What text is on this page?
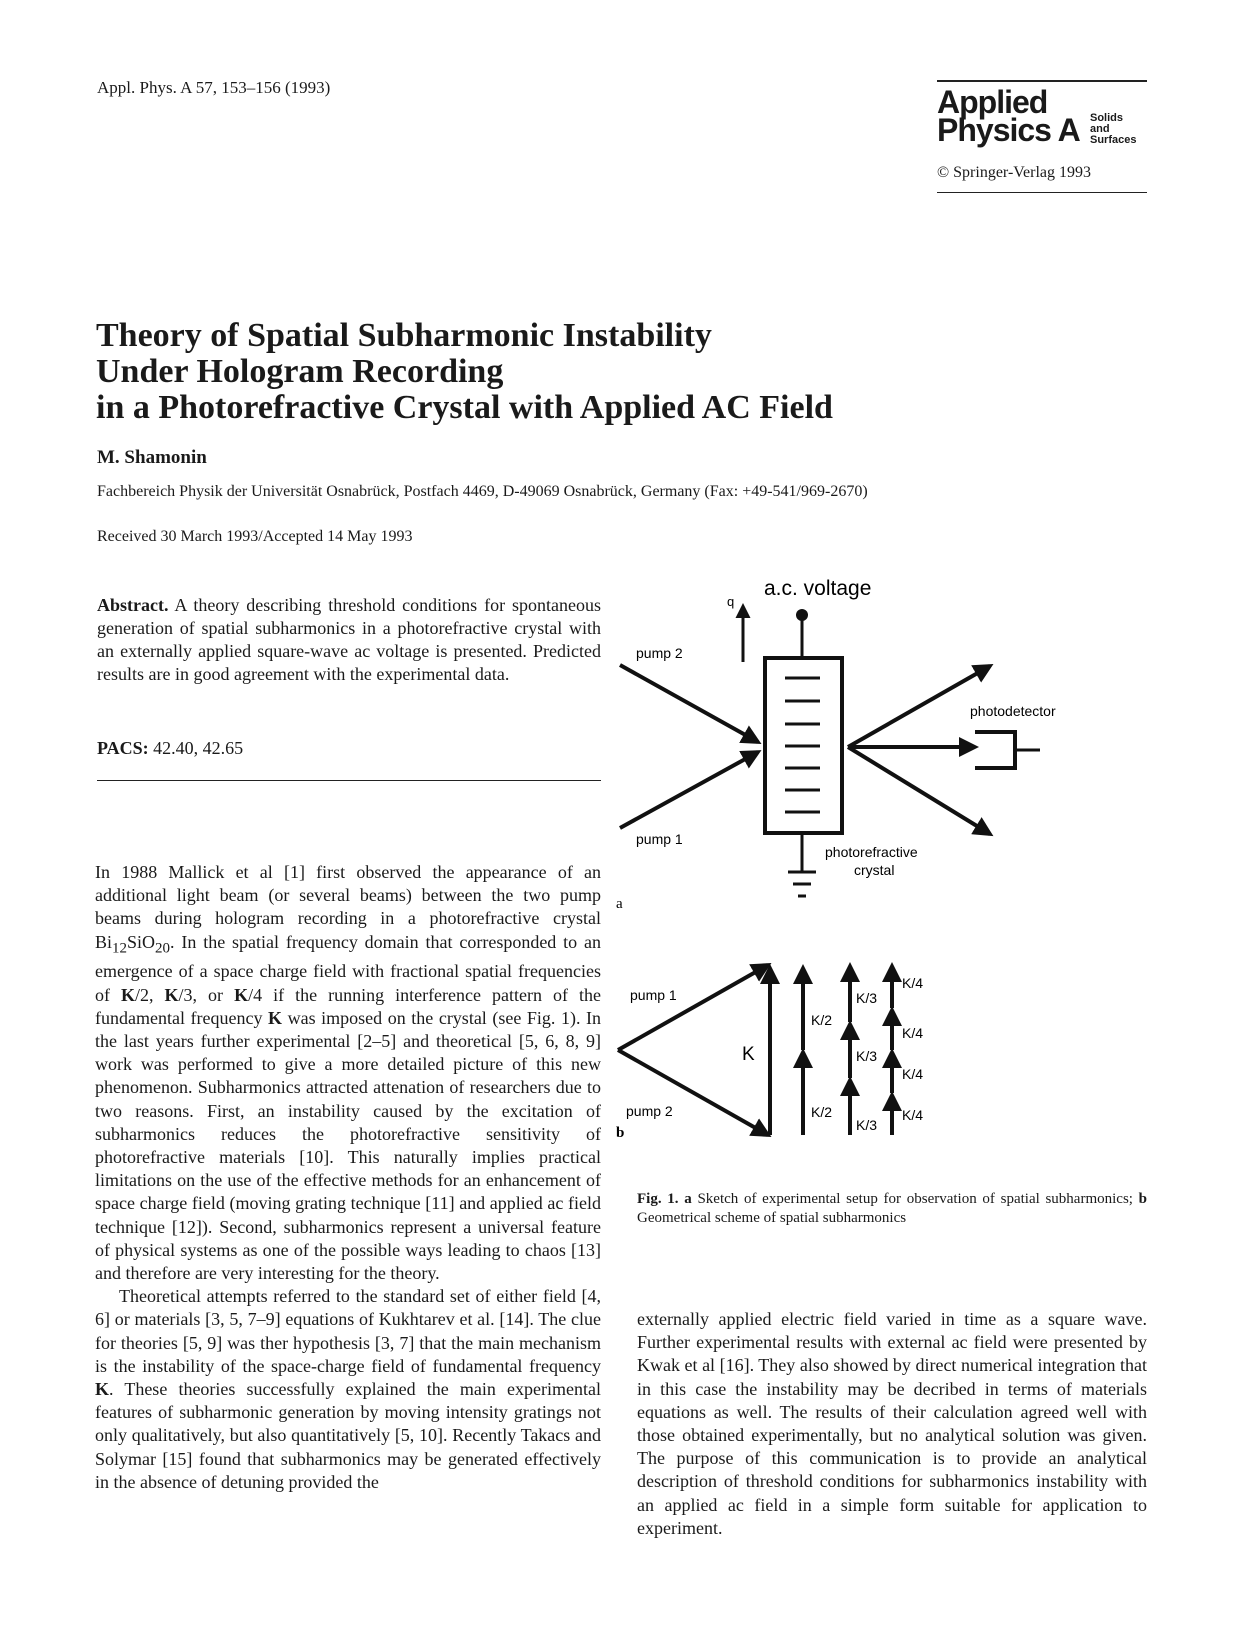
Appl. Phys. A 57, 153–156 (1993)	Applied
Physics A Solids
and
Surfaces
© Springer-Verlag 1993
Theory of Spatial Subharmonic Instability
Under Hologram Recording
in a Photorefractive Crystal with Applied AC Field
M. Shamonin
Fachbereich Physik der Universität Osnabrück, Postfach 4469, D-49069 Osnabrück, Germany (Fax: +49-541/969-2670)
Received 30 March 1993/Accepted 14 May 1993
Abstract. A theory describing threshold conditions for spontaneous generation of spatial subharmonics in a photorefractive crystal with an externally applied square-wave ac voltage is presented. Predicted results are in good agreement with the experimental data.
PACS: 42.40, 42.65

In 1988 Mallick et al [1] first observed the appearance of an additional light beam (or several beams) between the two pump beams during hologram recording in a photorefractive crystal $Bi_{12}SiO_{20}$. In the spatial frequency domain that corresponded to an emergence of a space charge field with fractional spatial frequencies of K/2, K/3, or K/4 if the running interference pattern of the fundamental frequency K was imposed on the crystal (see Fig. 1). In the last years further experimental [2–5] and theoretical [5, 6, 8, 9] work was performed to give a more detailed picture of this new phenomenon. Subharmonics attracted attenation of researchers due to two reasons. First, an instability caused by the excitation of subharmonics reduces the photorefractive sensitivity of photorefractive materials [10]. This naturally implies practical limitations on the use of the effective methods for an enhancement of space charge field (moving grating technique [11] and applied ac field technique [12]). Second, subharmonics represent a universal feature of physical systems as one of the possible ways leading to chaos [13] and therefore are very interesting for the theory.

Theoretical attempts referred to the standard set of either field [4, 6] or materials [3, 5, 7–9] equations of Kukhtarev et al. [14]. The clue for theories [5, 9] was ther hypothesis [3, 7] that the main mechanism is the instability of the space-charge field of fundamental frequency K. These theories successfully explained the main experimental features of subharmonic generation by moving intensity gratings not only qualitatively, but also quantitatively [5, 10]. Recently Takacs and Solymar [15] found that subharmonics may be generated effectively in the absence of detuning provided the

q
a.c. voltage
pump 2
pump 1
photodetector
photorefractive
crystal
a
pump 1
pump 2
K
K/2
K/2
K/3
K/3
K/3
K/4
K/4
K/4
K/4
b
Fig. 1. a Sketch of experimental setup for observation of spatial subharmonics; b Geometrical scheme of spatial subharmonics
externally applied electric field varied in time as a square wave. Further experimental results with external ac field were presented by Kwak et al [16]. They also showed by direct numerical integration that in this case the instability may be decribed in terms of materials equations as well. The results of their calculation agreed well with those obtained experimentally, but no analytical solution was given. The purpose of this communication is to provide an analytical description of threshold conditions for subharmonics instability with an applied ac field in a simple form suitable for application to experiment.
